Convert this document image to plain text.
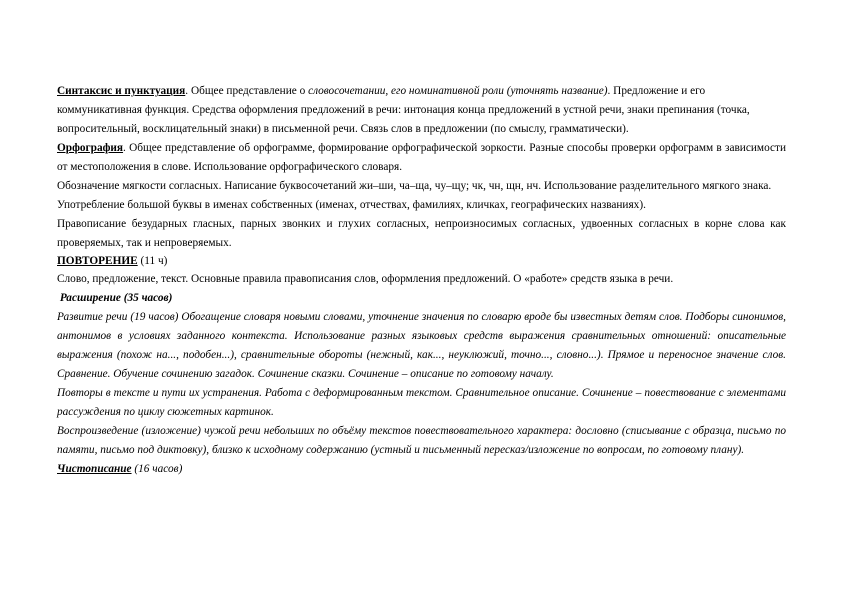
Синтаксис и пунктуация. Общее представление о словосочетании, его номинативной роли (уточнять название). Предложение и его коммуникативная функция. Средства оформления предложений в речи: интонация конца предложений в устной речи, знаки препинания (точка, вопросительный, восклицательный знаки) в письменной речи. Связь слов в предложении (по смыслу, грамматически).

Орфография. Общее представление об орфограмме, формирование орфографической зоркости. Разные способы проверки орфограмм в зависимости от местоположения в слове. Использование орфографического словаря.

Обозначение мягкости согласных. Написание буквосочетаний жи–ши, ча–ща, чу–щу; чк, чн, щн, нч. Использование разделительного мягкого знака.

Употребление большой буквы в именах собственных (именах, отчествах, фамилиях, кличках, географических названиях).

Правописание безударных гласных, парных звонких и глухих согласных, непроизносимых согласных, удвоенных согласных в корне слова как проверяемых, так и непроверяемых.

ПОВТОРЕНИЕ (11 ч)

Слово, предложение, текст. Основные правила правописания слов, оформления предложений. О «работе» средств языка в речи.

Расширение (35 часов)

Развитие речи (19 часов) Обогащение словаря новыми словами, уточнение значения по словарю вроде бы известных детям слов. Подборы синонимов, антонимов в условиях заданного контекста. Использование разных языковых средств выражения сравнительных отношений: описательные выражения (похож на..., подобен...), сравнительные обороты (нежный, как..., неуклюжий, точно..., словно...). Прямое и переносное значение слов. Сравнение. Обучение сочинению загадок. Сочинение сказки. Сочинение – описание по готовому началу.

Повторы в тексте и пути их устранения. Работа с деформированным текстом. Сравнительное описание. Сочинение – повествование с элементами рассуждения по циклу сюжетных картинок.

Воспроизведение (изложение) чужой речи небольших по объёму текстов повествовательного характера: дословно (списывание с образца, письмо по памяти, письмо под диктовку), близко к исходному содержанию (устный и письменный пересказ/изложение по вопросам, по готовому плану).

Чистописание (16 часов)
